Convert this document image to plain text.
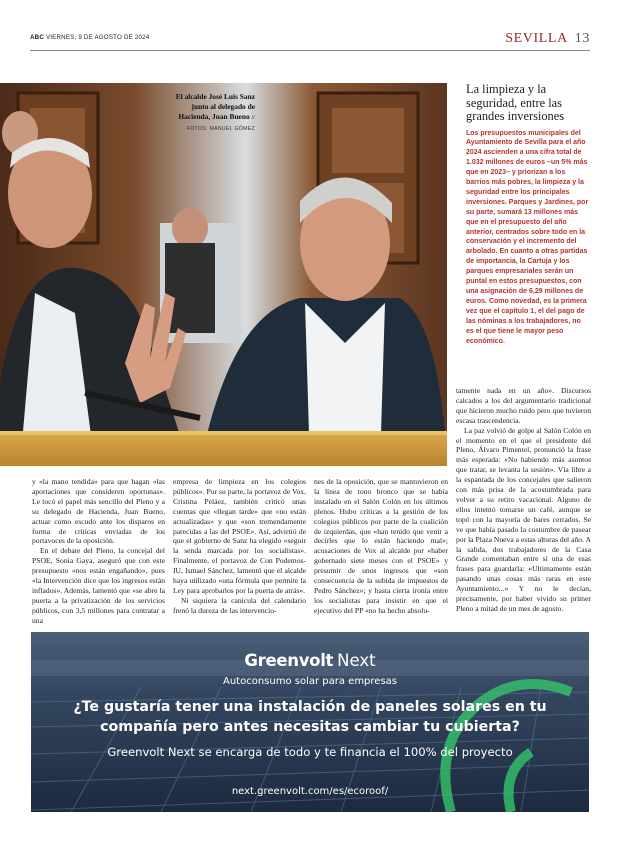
ABC VIERNES, 9 DE AGOSTO DE 2024	SEVILLA 13
El alcalde José Luis Sanz junto al delegado de Hacienda, Juan Bueno // FOTOS: MANUEL GÓMEZ
La limpieza y la seguridad, entre las grandes inversiones
Los presupuestos municipales del Ayuntamiento de Sevilla para el año 2024 ascienden a una cifra total de 1.032 millones de euros –un 5% más que en 2023– y priorizan a los barrios más pobres, la limpieza y la seguridad entre los principales inversiones. Parques y Jardines, por su parte, sumará 13 millones más que en el presupuesto del año anterior, centrados sobre todo en la conservación y el incremento del arbolado. En cuanto a otras partidas de importancia, la Cartuja y los parques empresariales serán un puntal en estos presupuestos, con una asignación de 6,29 millones de euros. Como novedad, es la primera vez que el capítulo 1, el del pago de las nóminas a los trabajadores, no es el que tiene le mayor peso económico.

tamente nada en un año». Discursos calcados a los del argumentario tradicional que hicieron mucho ruido pero que tuvieron escasa trascendencia.

La paz volvió de golpe al Salón Colón en el momento en el que el presidente del Pleno, Álvaro Pimentel, pronunció la frase más esperada: «No habiendo más asuntos que tratar, se levanta la sesión». Vía libre a la espantada de los concejales que salieron con más prisa de la acostumbrada para volver a su retiro vacacional. Alguno de ellos intentó tomarse un café, aunque se topó con la mayoría de bares cerrados. Se ve que había pasado la costumbre de pasear por la Plaza Nueva a estas alturas del año. A la salida, dos trabajadores de la Casa Grande comentaban entre sí una de esas frases para guardarla: «Ultimamente están pasando unas cosas más raras en este Ayuntamiento...» Y no le decían, precisamente, por haber vivido su primer Pleno a mitad de un mes de agosto.

y «la mano tendida» para que hagan «las aportaciones que consideren oportunas». Le tocó el papel más sencillo del Pleno y a su delegado de Hacienda, Juan Bueno, actuar como escudo ante los disparos en forma de críticas enviadas de los portavoces de la oposición.

En el debate del Pleno, la concejal del PSOE, Sonia Gaya, aseguró que con este presupuesto «nos están engañando», pues «la Intervención dice que los ingresos están inflados». Además, lamentó que «se abre la puerta a la privatización de los servicios públicos, con 3,5 millones para contratar a una

empresa de limpieza en los colegios públicos». Por su parte, la portavoz de Vox, Cristina Peláez, también criticó unas cuentas que «llegan tarde» que «no están actualizadas» y que «son tremendamente parecidas a las del PSOE». Así, advirtió de que el gobierno de Sanz ha elegido «seguir la senda marcada por los socialistas». Finalmente, el portavoz de Con Podemos-IU, Ismael Sánchez, lamentó que el alcalde haya utilizado «una fórmula que permite la Ley para aprobarlos por la puerta de atrás».

Ni siquiera la canícula del calendario frenó la dureza de las intervencio-

nes de la oposición, que se mantuvieron en la línea de tono bronco que se había instalado en el Salón Colón en los últimos plenos. Hubo críticas a la gestión de los colegios públicos por parte de la coalición de izquierdas, que «han tenido que venir a decirles que lo están haciendo mal»; acusaciones de Vox al alcalde por «haber gobernado siete meses con el PSOE» y presumir de unos ingresos que «son consecuencia de la subida de impuestos de Pedro Sánchez»; y hasta cierta ironía entre los socialistas para insistir en que el ejecutivo del PP «no ha hecho absolu-

Greenvolt Next
Autoconsumo solar para empresas
¿Te gustaría tener una instalación de paneles solares en tu compañía pero antes necesitas cambiar tu cubierta?
Greenvolt Next se encarga de todo y te financia el 100% del proyecto
next.greenvolt.com/es/ecoroof/
